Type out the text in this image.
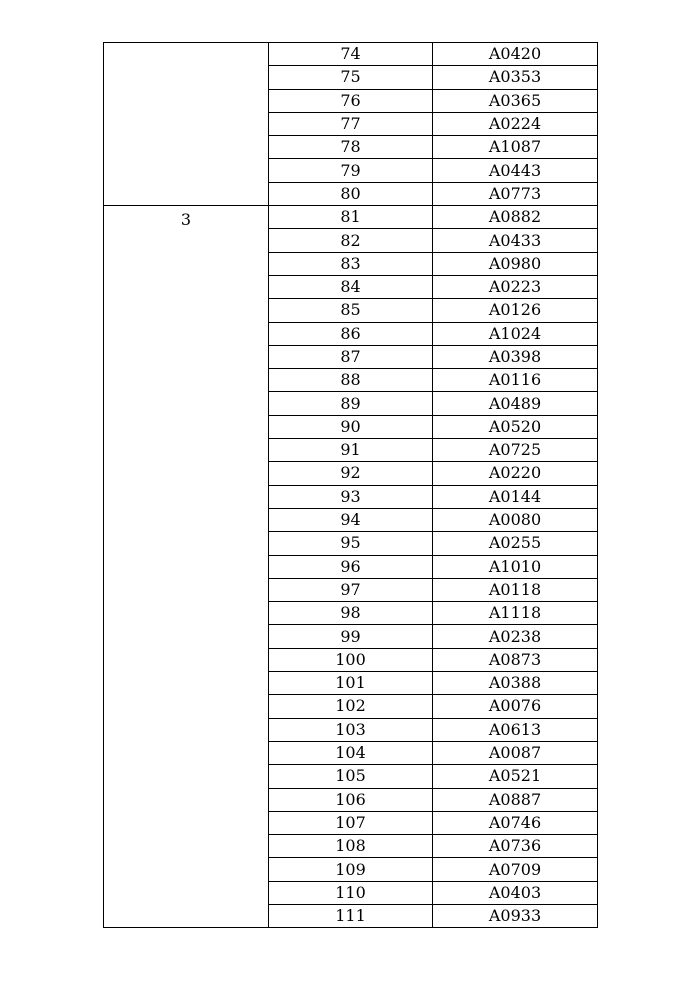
	74	A0420
	75	A0353
	76	A0365
	77	A0224
	78	A1087
	79	A0443
	80	A0773
3	81	A0882
	82	A0433
	83	A0980
	84	A0223
	85	A0126
	86	A1024
	87	A0398
	88	A0116
	89	A0489
	90	A0520
	91	A0725
	92	A0220
	93	A0144
	94	A0080
	95	A0255
	96	A1010
	97	A0118
	98	A1118
	99	A0238
	100	A0873
	101	A0388
	102	A0076
	103	A0613
	104	A0087
	105	A0521
	106	A0887
	107	A0746
	108	A0736
	109	A0709
	110	A0403
	111	A0933
